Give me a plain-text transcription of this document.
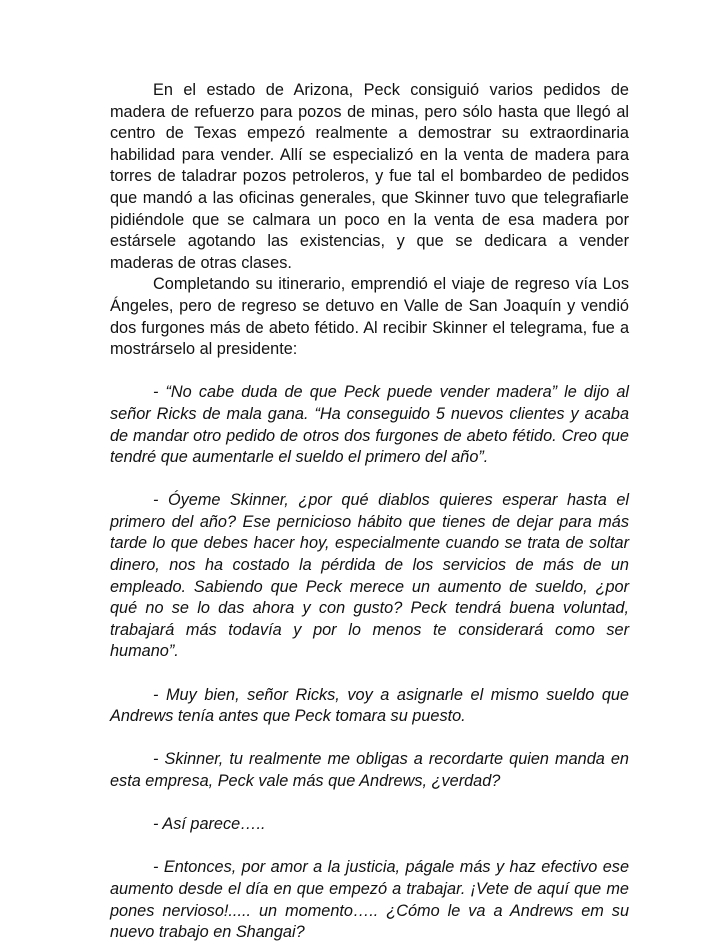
En el estado de Arizona, Peck consiguió varios pedidos de madera de refuerzo para pozos de minas, pero sólo hasta que llegó al centro de Texas empezó realmente a demostrar su extraordinaria habilidad para vender. Allí se especializó en la venta de madera para torres de taladrar pozos petroleros, y fue tal el bombardeo de pedidos que mandó a las oficinas generales, que Skinner tuvo que telegrafiarle pidiéndole que se calmara un poco en la venta de esa madera por estársele agotando las existencias, y que se dedicara a vender maderas de otras clases.

Completando su itinerario, emprendió el viaje de regreso vía Los Ángeles, pero de regreso se detuvo en Valle de San Joaquín y vendió dos furgones más de abeto fétido. Al recibir Skinner el telegrama, fue a mostrárselo al presidente:

- “No cabe duda de que Peck puede vender madera” le dijo al señor Ricks de mala gana. “Ha conseguido 5 nuevos clientes y acaba de mandar otro pedido de otros dos furgones de abeto fétido. Creo que tendré que aumentarle el sueldo el primero del año”.

- Óyeme Skinner, ¿por qué diablos quieres esperar hasta el primero del año? Ese pernicioso hábito que tienes de dejar para más tarde lo que debes hacer hoy, especialmente cuando se trata de soltar dinero, nos ha costado la pérdida de los servicios de más de un empleado. Sabiendo que Peck merece un aumento de sueldo, ¿por qué no se lo das ahora y con gusto? Peck tendrá buena voluntad, trabajará más todavía y por lo menos te considerará como ser humano”.

- Muy bien, señor Ricks, voy a asignarle el mismo sueldo que Andrews tenía antes que Peck tomara su puesto.

- Skinner, tu realmente me obligas a recordarte quien manda en esta empresa, Peck vale más que Andrews, ¿verdad?

- Así parece…..

- Entonces, por amor a la justicia, págale más y haz efectivo ese aumento desde el día en que empezó a trabajar. ¡Vete de aquí que me pones nervioso!..... un momento….. ¿Cómo le va a Andrews em su nuevo trabajo en Shangai?
